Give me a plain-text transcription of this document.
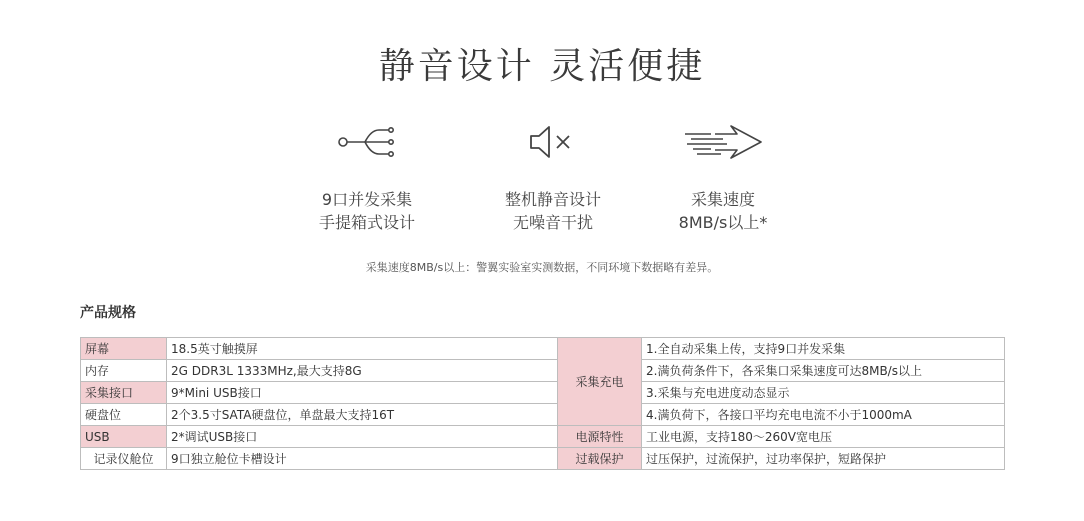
静音设计 灵活便捷
9口并发采集
手提箱式设计
整机静音设计
无噪音干扰
采集速度
8MB/s以上*
采集速度8MB/s以上：警翼实验室实测数据，不同环境下数据略有差异。
产品规格
屏幕	18.5英寸触摸屏	采集充电	1.全自动采集上传，支持9口并发采集
内存	2G DDR3L 1333MHz,最大支持8G		2.满负荷条件下，各采集口采集速度可达8MB/s以上
采集接口	9*Mini USB接口		3.采集与充电进度动态显示
硬盘位	2个3.5寸SATA硬盘位，单盘最大支持16T		4.满负荷下，各接口平均充电电流不小于1000mA
USB	2*调试USB接口	电源特性	工业电源，支持180～260V宽电压
记录仪舱位	9口独立舱位卡槽设计	过载保护	过压保护，过流保护，过功率保护，短路保护
